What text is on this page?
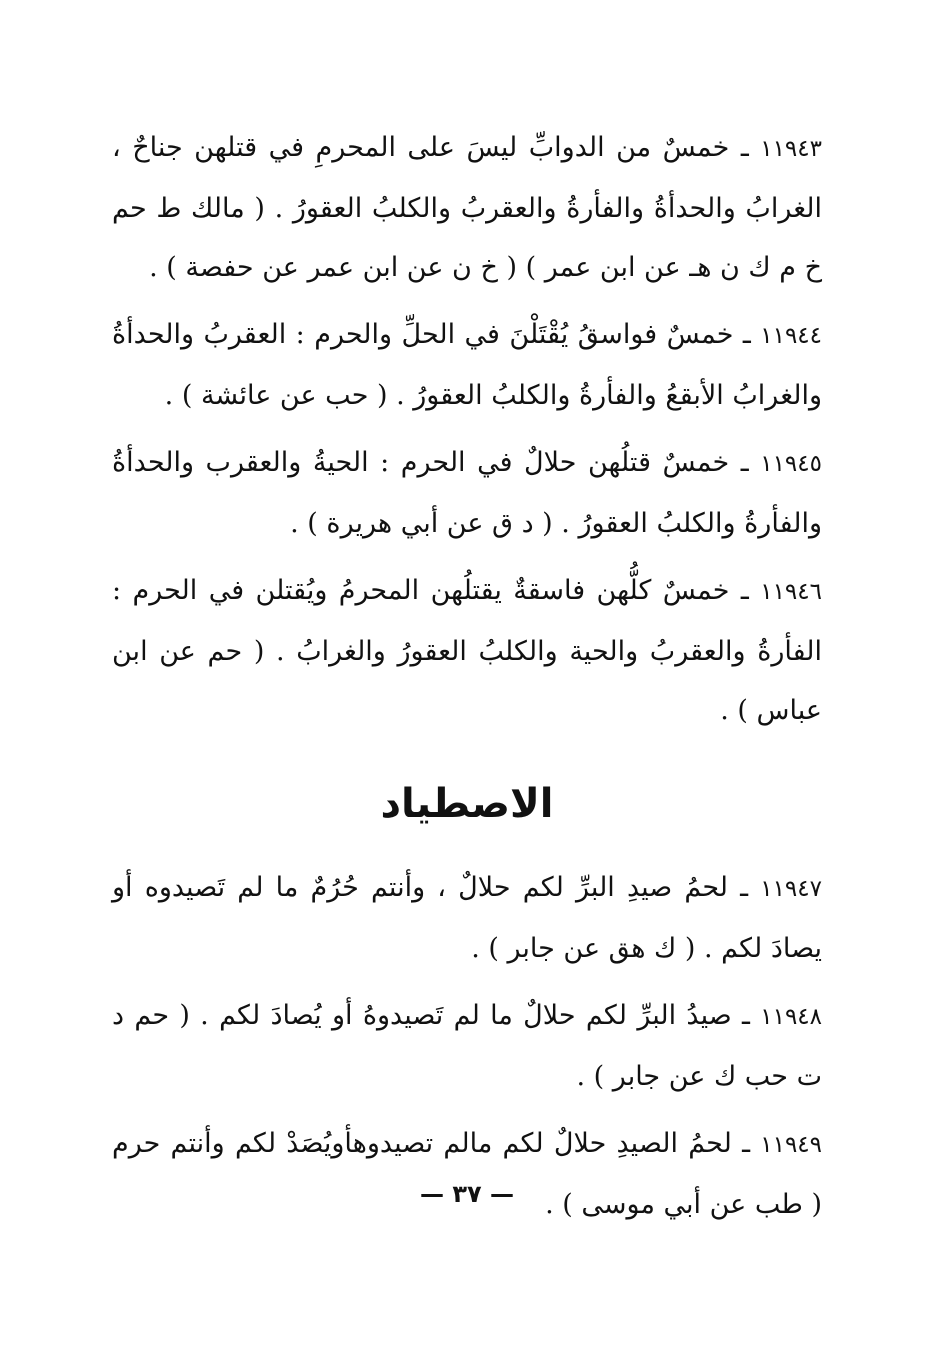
١١٩٤٣ ـ خمسٌ من الدوابِّ ليسَ على المحرمِ في قتلهن جناحٌ ، الغرابُ والحدأةُ والفأرةُ والعقربُ والكلبُ العقورُ . ( مالك ط حم خ م ك ن هـ عن ابن عمر ) ( خ ن عن ابن عمر عن حفصة ) .

١١٩٤٤ ـ خمسٌ فواسقُ يُقْتَلْنَ في الحلِّ والحرم : العقربُ والحدأةُ والغرابُ الأبقعُ والفأرةُ والكلبُ العقورُ . ( حب عن عائشة ) .

١١٩٤٥ ـ خمسٌ قتلُهن حلالٌ في الحرم : الحيةُ والعقرب والحدأةُ والفأرةُ والكلبُ العقورُ . ( د ق عن أبي هريرة ) .

١١٩٤٦ ـ خمسٌ كلُّهن فاسقةٌ يقتلُهن المحرمُ ويُقتلن في الحرم : الفأرةُ والعقربُ والحية والكلبُ العقورُ والغرابُ . ( حم عن ابن عباس ) .

الاصطياد

١١٩٤٧ ـ لحمُ صيدِ البرِّ لكم حلالٌ ، وأنتم حُرُمٌ ما لم تَصيدوه أو يصادَ لكم . ( ك هق عن جابر ) .

١١٩٤٨ ـ صيدُ البرِّ لكم حلالٌ ما لم تَصيدوهُ أو يُصادَ لكم . ( حم د ت حب ك عن جابر ) .

١١٩٤٩ ـ لحمُ الصيدِ حلالٌ لكم مالم تصيدوهأويُصَدْ لكم وأنتم حرم ( طب عن أبي موسى ) .

— ٣٧ —
